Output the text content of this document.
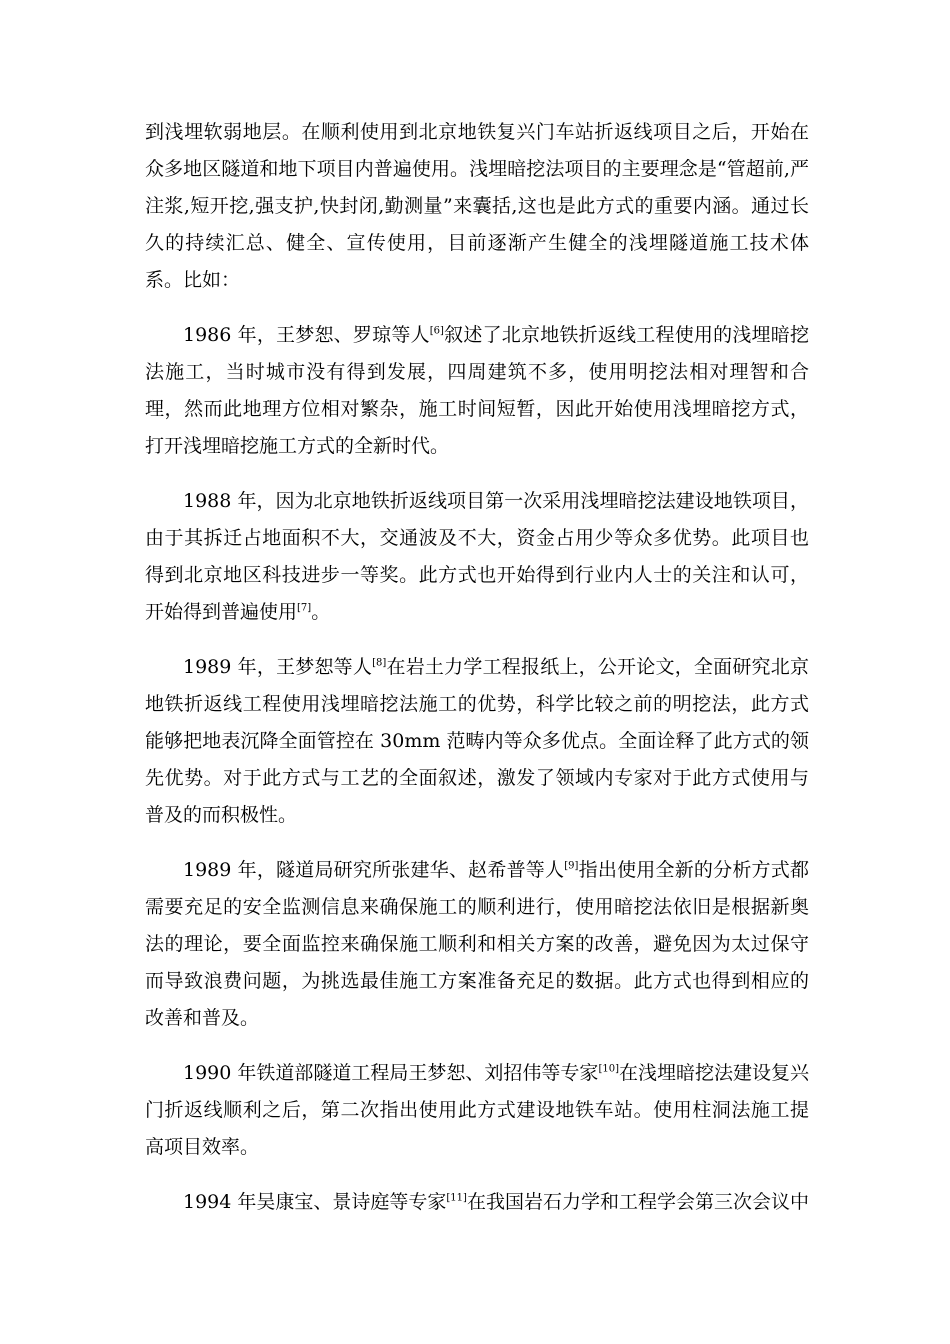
到浅埋软弱地层。在顺利使用到北京地铁复兴门车站折返线项目之后，开始在众多地区隧道和地下项目内普遍使用。浅埋暗挖法项目的主要理念是“管超前,严注浆,短开挖,强支护,快封闭,勤测量”来囊括,这也是此方式的重要内涵。通过长久的持续汇总、健全、宣传使用，目前逐渐产生健全的浅埋隧道施工技术体系。比如：

1986 年，王梦恕、罗琼等人[6]叙述了北京地铁折返线工程使用的浅埋暗挖法施工，当时城市没有得到发展，四周建筑不多，使用明挖法相对理智和合理，然而此地理方位相对繁杂，施工时间短暂，因此开始使用浅埋暗挖方式，打开浅埋暗挖施工方式的全新时代。

1988 年，因为北京地铁折返线项目第一次采用浅埋暗挖法建设地铁项目，由于其拆迁占地面积不大，交通波及不大，资金占用少等众多优势。此项目也得到北京地区科技进步一等奖。此方式也开始得到行业内人士的关注和认可，开始得到普遍使用[7]。

1989 年，王梦恕等人[8]在岩土力学工程报纸上，公开论文，全面研究北京地铁折返线工程使用浅埋暗挖法施工的优势，科学比较之前的明挖法，此方式能够把地表沉降全面管控在 30mm 范畴内等众多优点。全面诠释了此方式的领先优势。对于此方式与工艺的全面叙述，激发了领域内专家对于此方式使用与普及的而积极性。

1989 年，隧道局研究所张建华、赵希普等人[9]指出使用全新的分析方式都需要充足的安全监测信息来确保施工的顺利进行，使用暗挖法依旧是根据新奥法的理论，要全面监控来确保施工顺利和相关方案的改善，避免因为太过保守而导致浪费问题，为挑选最佳施工方案准备充足的数据。此方式也得到相应的改善和普及。

1990 年铁道部隧道工程局王梦恕、刘招伟等专家[10]在浅埋暗挖法建设复兴门折返线顺利之后，第二次指出使用此方式建设地铁车站。使用柱洞法施工提高项目效率。

1994 年吴康宝、景诗庭等专家[11]在我国岩石力学和工程学会第三次会议中
